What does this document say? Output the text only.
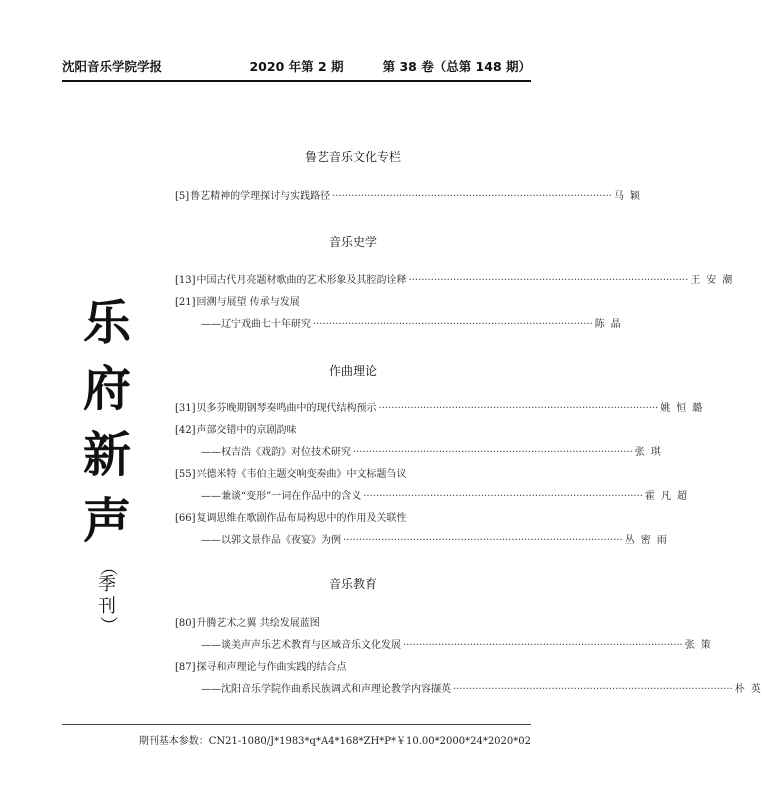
沈阳音乐学院学报	2020 年第 2 期	第 38 卷（总第 148 期）
乐
府
新
声
（
季
刊
）
鲁艺音乐文化专栏
[5] 鲁艺精神的学理探讨与实践路径 ························································································ 马颖
音乐史学
[13] 中国古代月亮题材歌曲的艺术形象及其腔韵诠释 ························································································ 王安潮
[21] 回溯与展望 传承与发展
——辽宁戏曲七十年研究 ························································································ 陈晶
作曲理论
[31] 贝多芬晚期钢琴奏鸣曲中的现代结构预示 ························································································ 姚恒璐
[42] 声部交错中的京剧韵味
——权吉浩《戏韵》对位技术研究 ························································································ 张琪
[55] 兴德米特《韦伯主题交响变奏曲》中文标题刍议
——兼谈“变形”一词在作品中的含义 ························································································ 霍凡超
[66] 复调思维在歌剧作品布局构思中的作用及关联性
——以郭文景作品《夜宴》为例 ························································································ 丛密雨
音乐教育
[80] 升腾艺术之翼 共绘发展蓝图
——谈美声声乐艺术教育与区域音乐文化发展 ························································································ 张策
[87] 探寻和声理论与作曲实践的结合点
——沈阳音乐学院作曲系民族调式和声理论教学内容撷英 ························································································ 朴英
期刊基本参数：CN21-1080/J*1983*q*A4*168*ZH*P*￥10.00*2000*24*2020*02
